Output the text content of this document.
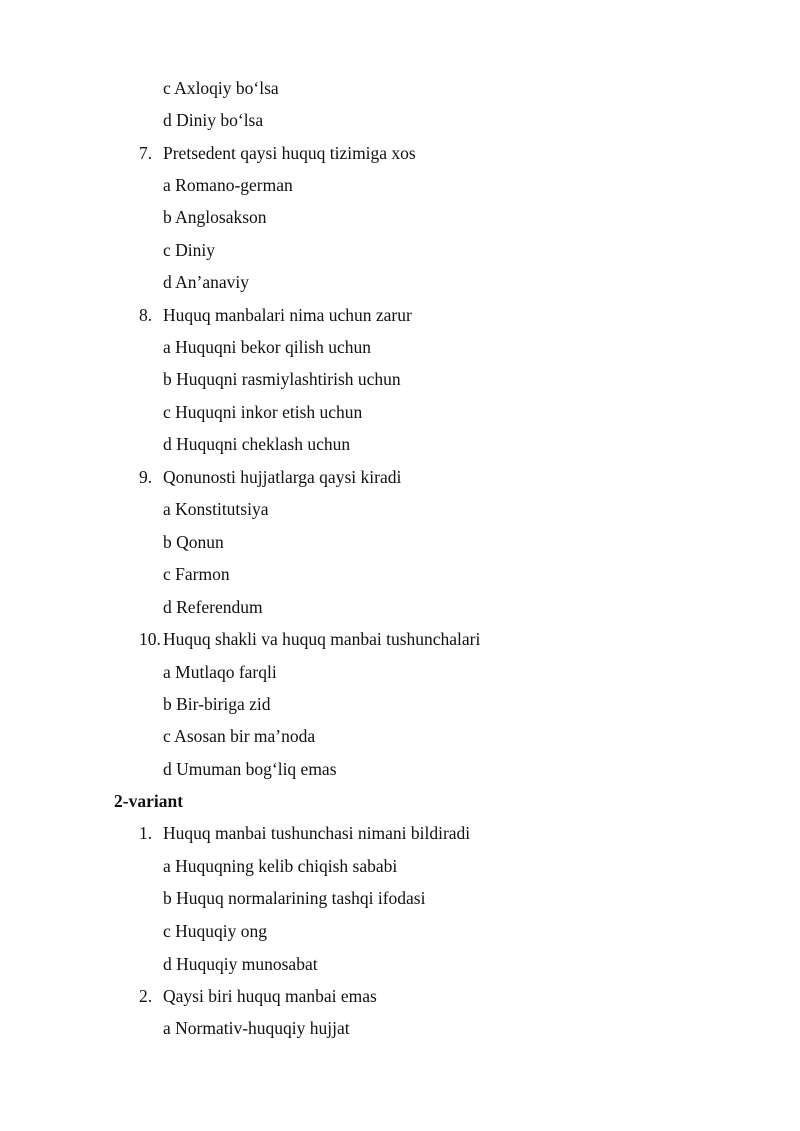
c Axloqiy bo‘lsa
d Diniy bo‘lsa
7. Pretsedent qaysi huquq tizimiga xos
a Romano-german
b Anglosakson
c Diniy
d An’anaviy
8. Huquq manbalari nima uchun zarur
a Huquqni bekor qilish uchun
b Huquqni rasmiylashtirish uchun
c Huquqni inkor etish uchun
d Huquqni cheklash uchun
9. Qonunosti hujjatlarga qaysi kiradi
a Konstitutsiya
b Qonun
c Farmon
d Referendum
10. Huquq shakli va huquq manbai tushunchalari
a Mutlaqo farqli
b Bir-biriga zid
c Asosan bir ma’noda
d Umuman bog‘liq emas
2-variant
1. Huquq manbai tushunchasi nimani bildiradi
a Huquqning kelib chiqish sababi
b Huquq normalarining tashqi ifodasi
c Huquqiy ong
d Huquqiy munosabat
2. Qaysi biri huquq manbai emas
a Normativ-huquqiy hujjat
